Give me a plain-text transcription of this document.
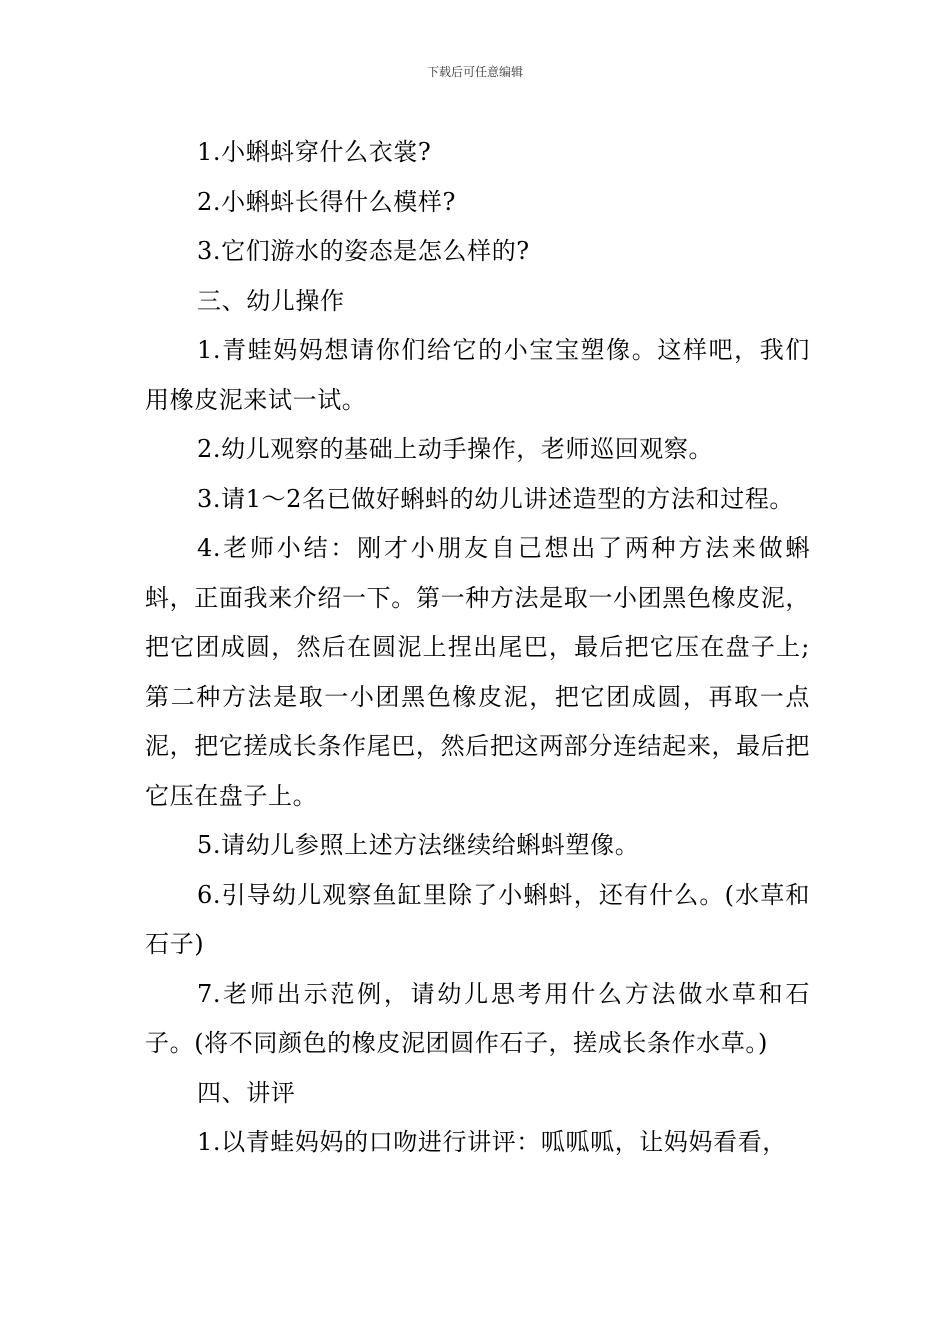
下载后可任意编辑

1.小蝌蚪穿什么衣裳?

2.小蝌蚪长得什么模样?

3.它们游水的姿态是怎么样的?

三、幼儿操作

1.青蛙妈妈想请你们给它的小宝宝塑像。这样吧，我们用橡皮泥来试一试。

2.幼儿观察的基础上动手操作，老师巡回观察。

3.请1～2名已做好蝌蚪的幼儿讲述造型的方法和过程。

4.老师小结：刚才小朋友自己想出了两种方法来做蝌蚪，正面我来介绍一下。第一种方法是取一小团黑色橡皮泥，把它团成圆，然后在圆泥上捏出尾巴，最后把它压在盘子上;第二种方法是取一小团黑色橡皮泥，把它团成圆，再取一点泥，把它搓成长条作尾巴，然后把这两部分连结起来，最后把它压在盘子上。

5.请幼儿参照上述方法继续给蝌蚪塑像。

6.引导幼儿观察鱼缸里除了小蝌蚪，还有什么。(水草和石子)

7.老师出示范例，请幼儿思考用什么方法做水草和石子。(将不同颜色的橡皮泥团圆作石子，搓成长条作水草。)

四、讲评

1.以青蛙妈妈的口吻进行讲评：呱呱呱，让妈妈看看，
